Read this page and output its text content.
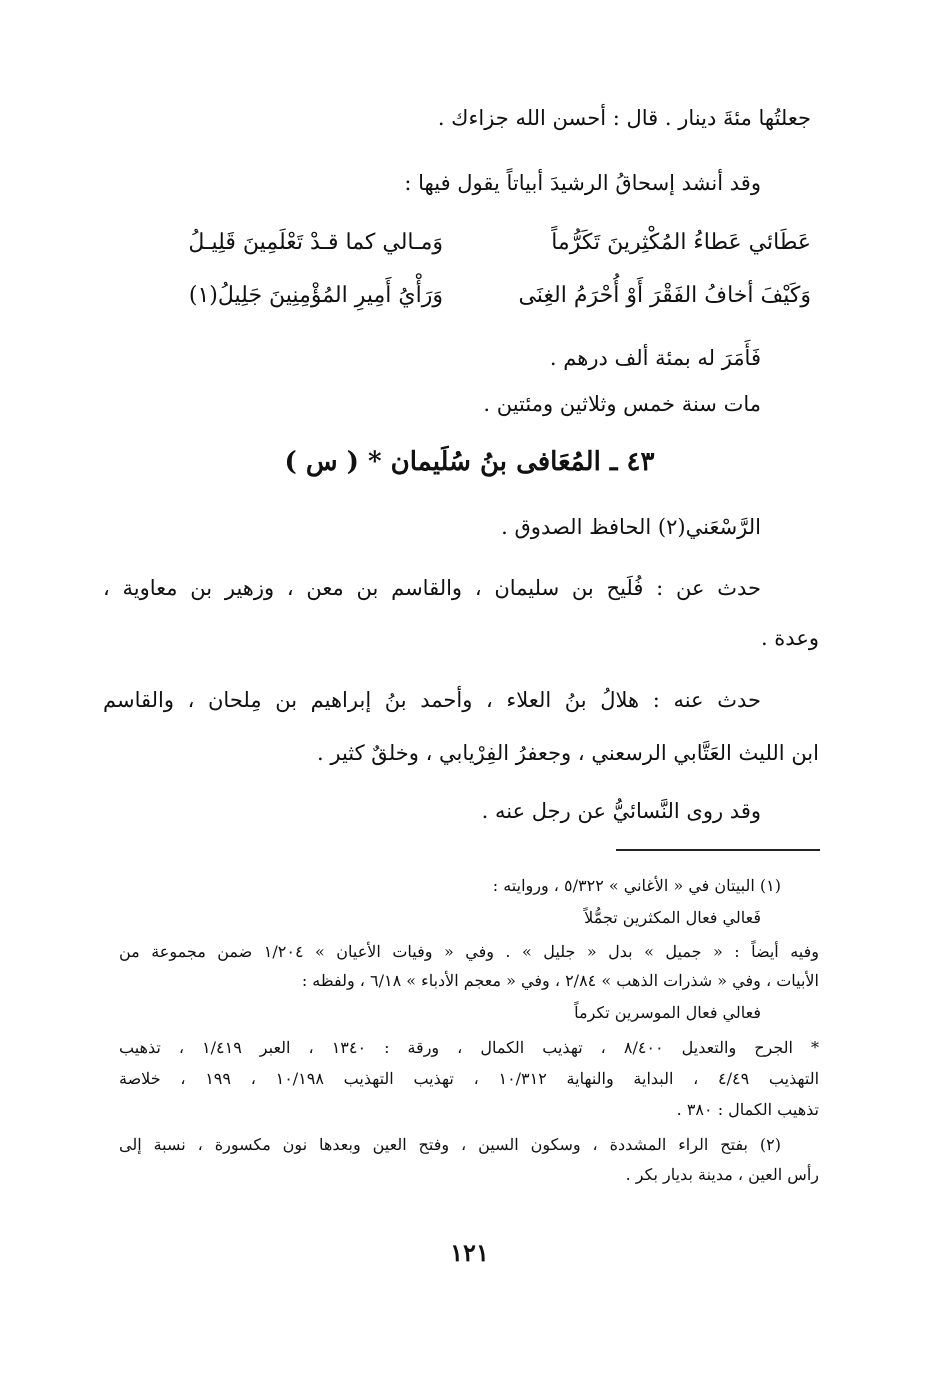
جعلتُها مئةَ دينار . قال : أحسن الله جزاءك .
وقد أنشد إسحاقُ الرشيدَ أبياتاً يقول فيها :
عَطَائي عَطاءُ المُكْثِرينَ تَكَرُّماً
وَمـالي كما قـدْ تَعْلَمِينَ قَلِيـلُ
وَكَيْفَ أخافُ الفَقْرَ أَوْ أُحْرَمُ الغِنَى
وَرَأْيُ أَمِيرِ المُؤْمِنِينَ جَلِيلُ(١)
فَأَمَرَ له بمئة ألف درهم .
مات سنة خمس وثلاثين ومئتين .
٤٣ ـ المُعَافى بنُ سُلَيمان * ( س )
الرَّسْعَني(٢) الحافظ الصدوق .
حدث عن : فُلَيح بن سليمان ، والقاسم بن معن ، وزهير بن معاوية ،
وعدة .
حدث عنه : هلالُ بنُ العلاء ، وأحمد بنُ إبراهيم بن مِلحان ، والقاسم
ابن الليث العَتَّابي الرسعني ، وجعفرُ الفِرْيابي ، وخلقٌ كثير .
وقد روى النَّسائيُّ عن رجل عنه .
(١) البيتان في « الأغاني » ٥/٣٢٢ ، وروايته :
فَعالي فعال المكثرين تجمُّلاً
وفيه أيضاً : « جميل » بدل « جليل » . وفي « وفيات الأعيان » ١/٢٠٤ ضمن مجموعة من
الأبيات ، وفي « شذرات الذهب » ٢/٨٤ ، وفي « معجم الأدباء » ٦/١٨ ، ولفظه :
فعالي فعال الموسرين تكرماً
* الجرح والتعديل ٨/٤٠٠ ، تهذيب الكمال ، ورقة : ١٣٤٠ ، العبر ١/٤١٩ ، تذهيب
التهذيب ٤/٤٩ ، البداية والنهاية ١٠/٣١٢ ، تهذيب التهذيب ١٠/١٩٨ ، ١٩٩ ، خلاصة
تذهيب الكمال : ٣٨٠ .
(٢) بفتح الراء المشددة ، وسكون السين ، وفتح العين وبعدها نون مكسورة ، نسبة إلى
رأس العين ، مدينة بديار بكر .
١٢١
